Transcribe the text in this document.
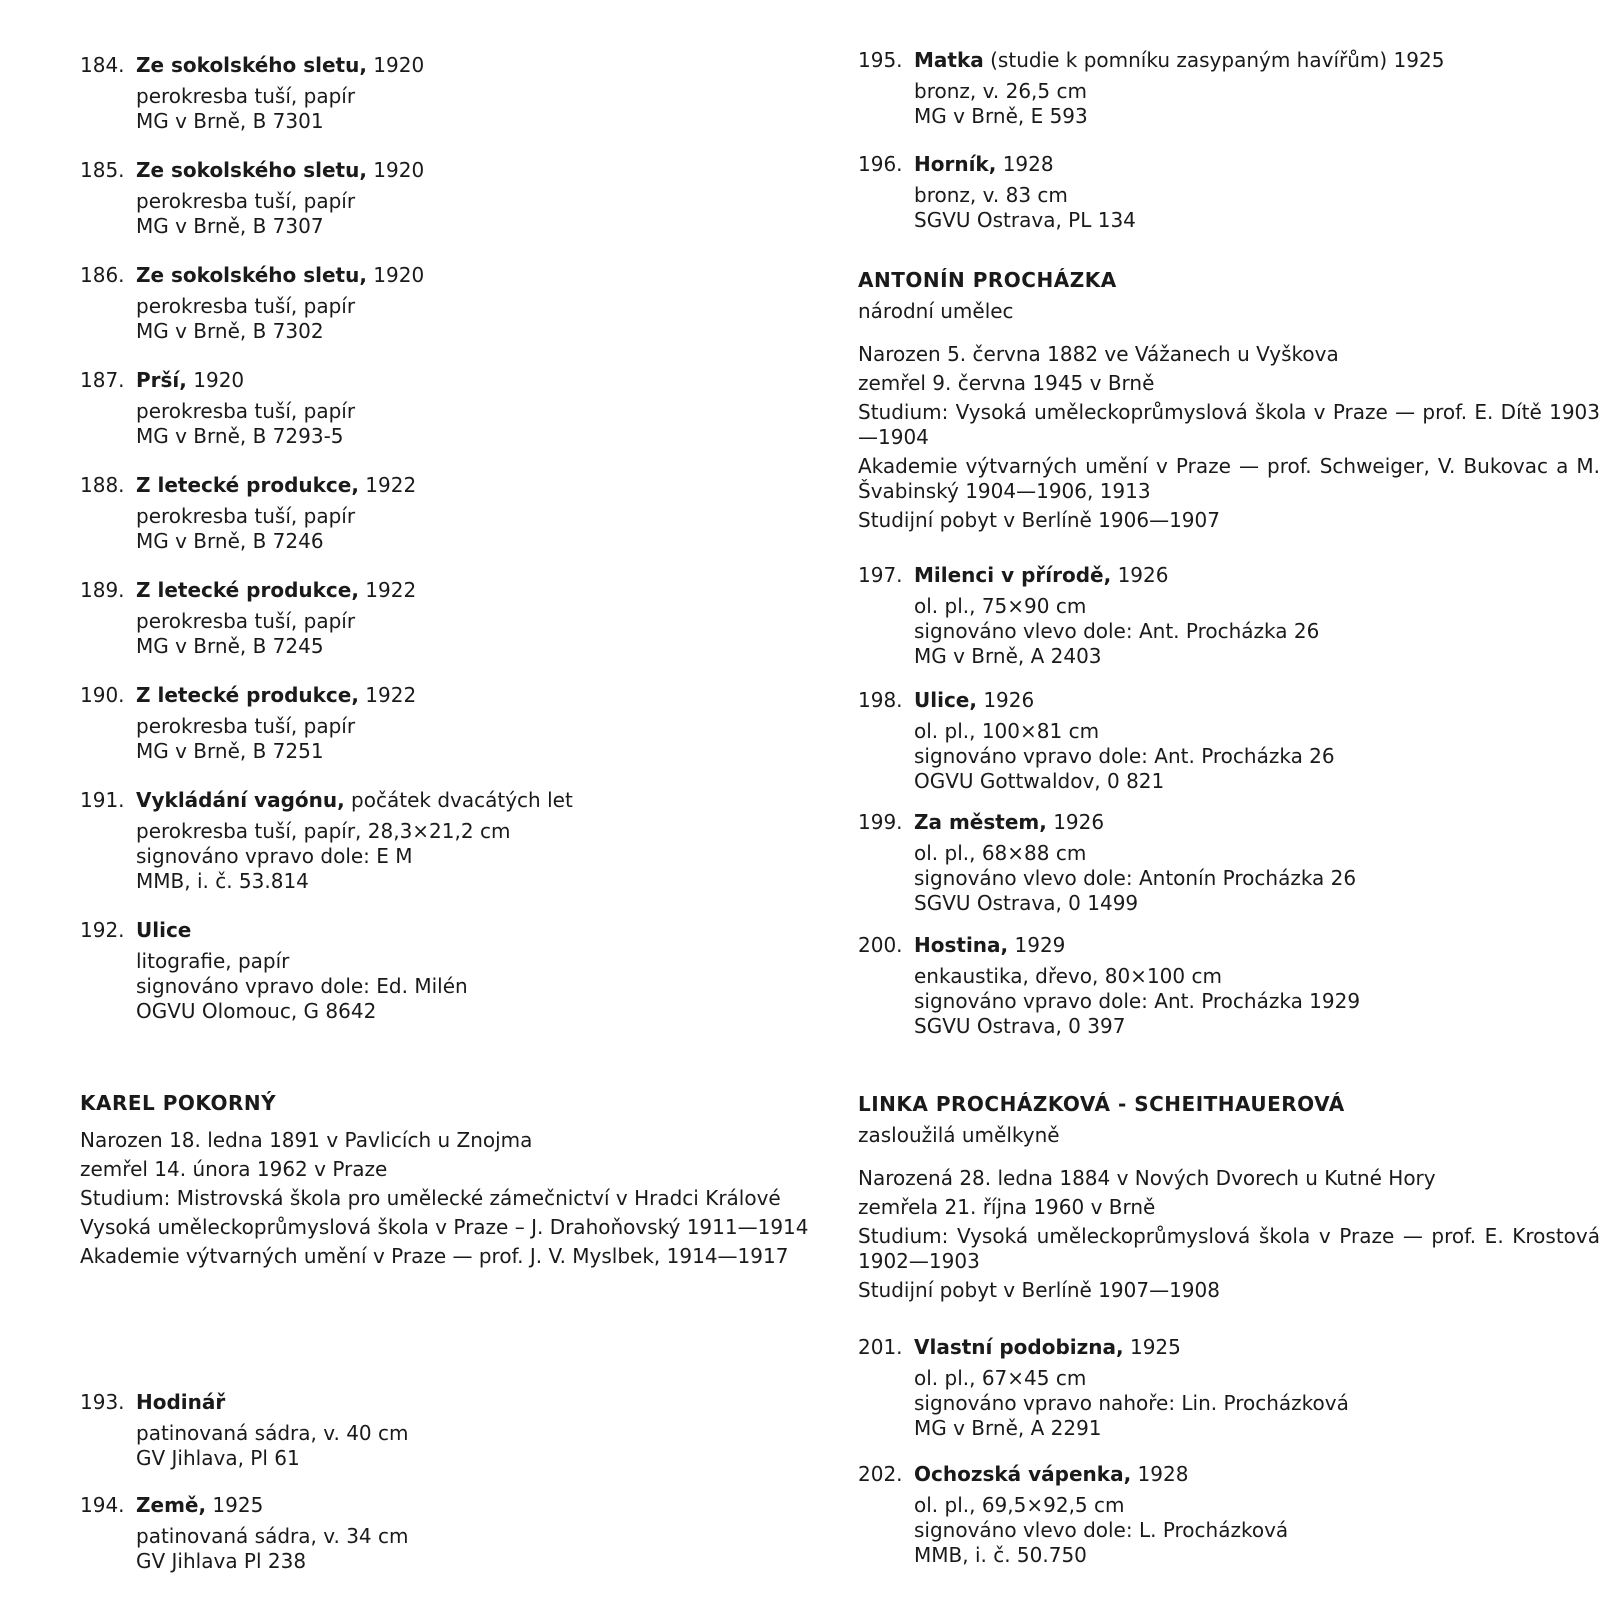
184. Ze sokolského sletu, 1920
perokresba tuší, papír
MG v Brně, B 7301
185. Ze sokolského sletu, 1920
perokresba tuší, papír
MG v Brně, B 7307
186. Ze sokolského sletu, 1920
perokresba tuší, papír
MG v Brně, B 7302
187. Prší, 1920
perokresba tuší, papír
MG v Brně, B 7293-5
188. Z letecké produkce, 1922
perokresba tuší, papír
MG v Brně, B 7246
189. Z letecké produkce, 1922
perokresba tuší, papír
MG v Brně, B 7245
190. Z letecké produkce, 1922
perokresba tuší, papír
MG v Brně, B 7251
191. Vykládání vagónu, počátek dvacátých let
perokresba tuší, papír, 28,3×21,2 cm
signováno vpravo dole: E M
MMB, i. č. 53.814
192. Ulice
litografie, papír
signováno vpravo dole: Ed. Milén
OGVU Olomouc, G 8642
KAREL POKORNÝ
Narozen 18. ledna 1891 v Pavlicích u Znojma
zemřel 14. února 1962 v Praze
Studium: Mistrovská škola pro umělecké zámečnictví v Hradci Králové
Vysoká uměleckoprůmyslová škola v Praze – J. Drahoňovský 1911—1914
Akademie výtvarných umění v Praze — prof. J. V. Myslbek, 1914—1917
193. Hodinář
patinovaná sádra, v. 40 cm
GV Jihlava, Pl 61
194. Země, 1925
patinovaná sádra, v. 34 cm
GV Jihlava Pl 238
195. Matka (studie k pomníku zasypaným havířům) 1925
bronz, v. 26,5 cm
MG v Brně, E 593
196. Horník, 1928
bronz, v. 83 cm
SGVU Ostrava, PL 134
ANTONÍN PROCHÁZKA
národní umělec
Narozen 5. června 1882 ve Vážanech u Vyškova
zemřel 9. června 1945 v Brně
Studium: Vysoká uměleckoprůmyslová škola v Praze — prof. E. Dítě 1903—1904
Akademie výtvarných umění v Praze — prof. Schweiger, V. Bukovac a M. Švabinský 1904—1906, 1913
Studijní pobyt v Berlíně 1906—1907
197. Milenci v přírodě, 1926
ol. pl., 75×90 cm
signováno vlevo dole: Ant. Procházka 26
MG v Brně, A 2403
198. Ulice, 1926
ol. pl., 100×81 cm
signováno vpravo dole: Ant. Procházka 26
OGVU Gottwaldov, 0 821
199. Za městem, 1926
ol. pl., 68×88 cm
signováno vlevo dole: Antonín Procházka 26
SGVU Ostrava, 0 1499
200. Hostina, 1929
enkaustika, dřevo, 80×100 cm
signováno vpravo dole: Ant. Procházka 1929
SGVU Ostrava, 0 397
LINKA PROCHÁZKOVÁ - SCHEITHAUEROVÁ
zasloužilá umělkyně
Narozená 28. ledna 1884 v Nových Dvorech u Kutné Hory
zemřela 21. října 1960 v Brně
Studium: Vysoká uměleckoprůmyslová škola v Praze — prof. E. Krostová 1902—1903
Studijní pobyt v Berlíně 1907—1908
201. Vlastní podobizna, 1925
ol. pl., 67×45 cm
signováno vpravo nahoře: Lin. Procházková
MG v Brně, A 2291
202. Ochozská vápenka, 1928
ol. pl., 69,5×92,5 cm
signováno vlevo dole: L. Procházková
MMB, i. č. 50.750
